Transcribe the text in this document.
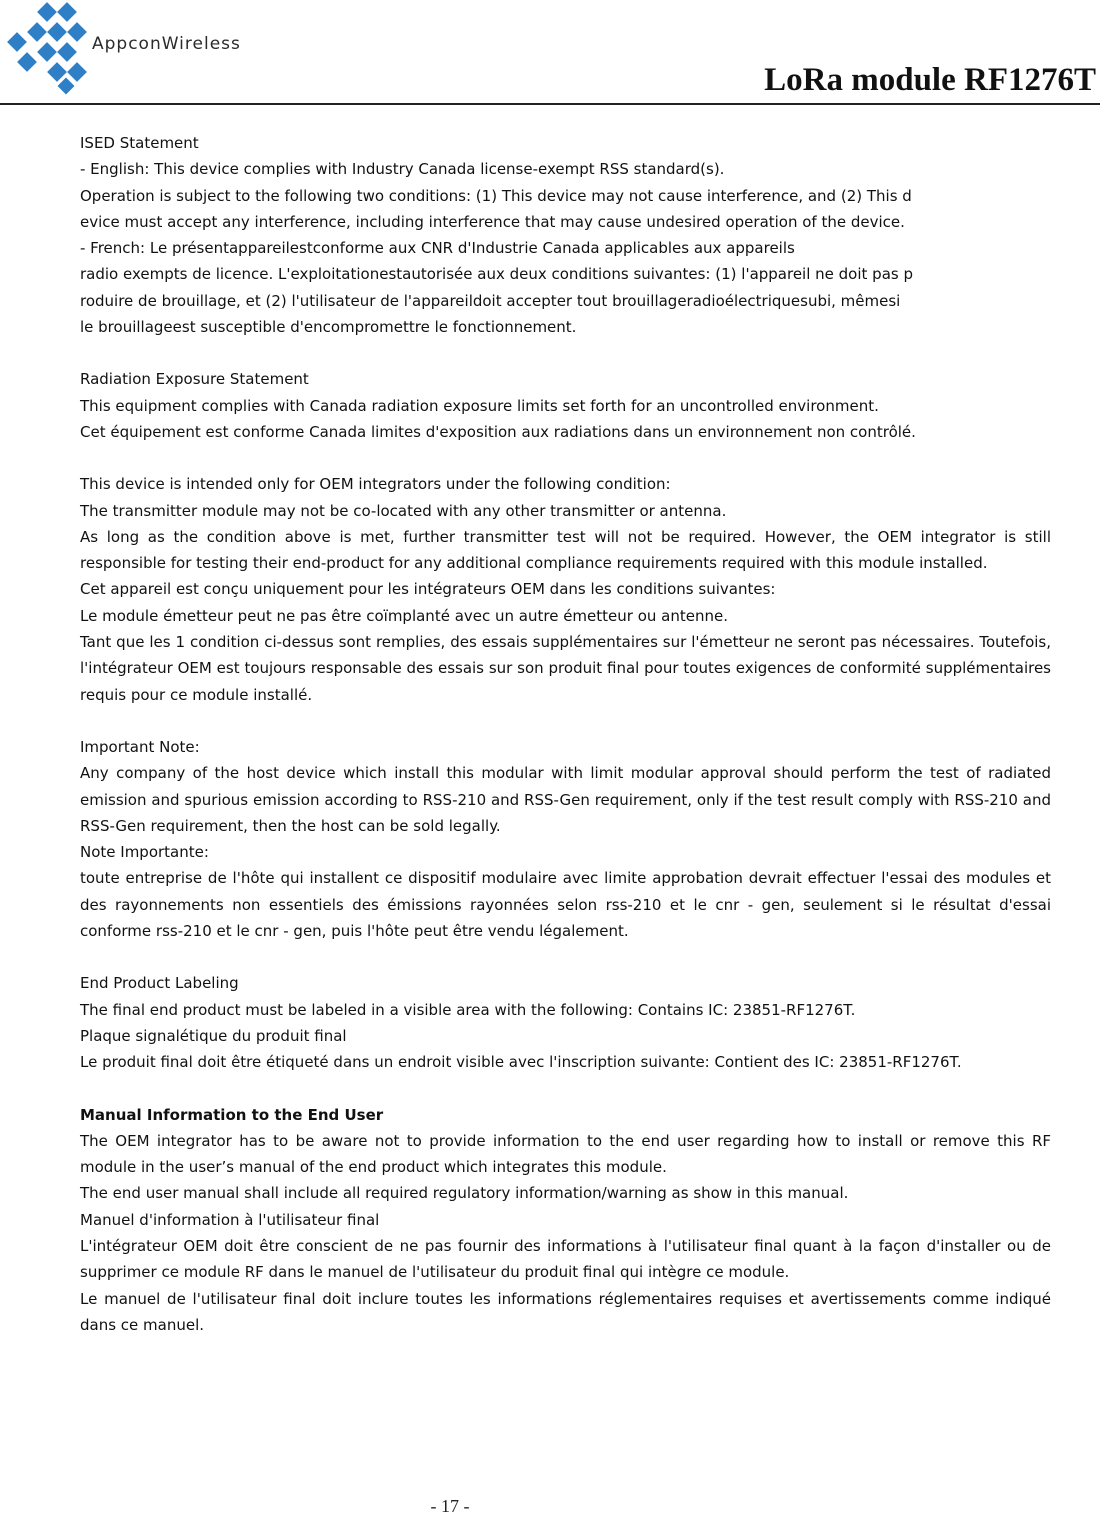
AppconWireless
LoRa module RF1276T

ISED Statement

- English: This device complies with Industry Canada license‐exempt RSS standard(s).

Operation is subject to the following two conditions: (1) This device may not cause interference, and (2) This d

evice must accept any interference, including interference that may cause undesired operation of the device.

- French: Le présentappareilestconforme aux CNR d'Industrie Canada applicables aux appareils

radio exempts de licence. L'exploitationestautorisée aux deux conditions suivantes: (1) l'appareil ne doit pas p

roduire de brouillage, et (2) l'utilisateur de l'appareildoit accepter tout brouillageradioélectriquesubi, mêmesi

le brouillageest susceptible d'encompromettre le fonctionnement.

Radiation Exposure Statement

This equipment complies with Canada radiation exposure limits set forth for an uncontrolled environment.

Cet équipement est conforme Canada limites d'exposition aux radiations dans un environnement non contrôlé.

This device is intended only for OEM integrators under the following condition:

The transmitter module may not be co-located with any other transmitter or antenna.

As long as the condition above is met, further transmitter test will not be required. However, the OEM integrator is still responsible for testing their end-product for any additional compliance requirements required with this module installed.

Cet appareil est conçu uniquement pour les intégrateurs OEM dans les conditions suivantes:

Le module émetteur peut ne pas être coïmplanté avec un autre émetteur ou antenne.

Tant que les 1 condition ci-dessus sont remplies, des essais supplémentaires sur l'émetteur ne seront pas nécessaires. Toutefois, l'intégrateur OEM est toujours responsable des essais sur son produit final pour toutes exigences de conformité supplémentaires requis pour ce module installé.

Important Note:

Any company of the host device which install this modular with limit modular approval should perform the test of radiated emission and spurious emission according to RSS-210 and RSS-Gen requirement, only if the test result comply with RSS-210 and RSS-Gen requirement, then the host can be sold legally.

Note Importante:

toute entreprise de l'hôte qui installent ce dispositif modulaire avec limite approbation devrait effectuer l'essai des modules et des rayonnements non essentiels des émissions rayonnées selon rss-210 et le cnr - gen, seulement si le résultat d'essai conforme rss-210 et le cnr - gen, puis l'hôte peut être vendu légalement.

End Product Labeling

The final end product must be labeled in a visible area with the following: Contains IC: 23851-RF1276T.

Plaque signalétique du produit final

Le produit final doit être étiqueté dans un endroit visible avec l'inscription suivante: Contient des IC: 23851-RF1276T.

Manual Information to the End User

The OEM integrator has to be aware not to provide information to the end user regarding how to install or remove this RF module in the user’s manual of the end product which integrates this module.

The end user manual shall include all required regulatory information/warning as show in this manual.

Manuel d'information à l'utilisateur final

L'intégrateur OEM doit être conscient de ne pas fournir des informations à l'utilisateur final quant à la façon d'installer ou de supprimer ce module RF dans le manuel de l'utilisateur du produit final qui intègre ce module.

Le manuel de l'utilisateur final doit inclure toutes les informations réglementaires requises et avertissements comme indiqué dans ce manuel.

- 17 -
